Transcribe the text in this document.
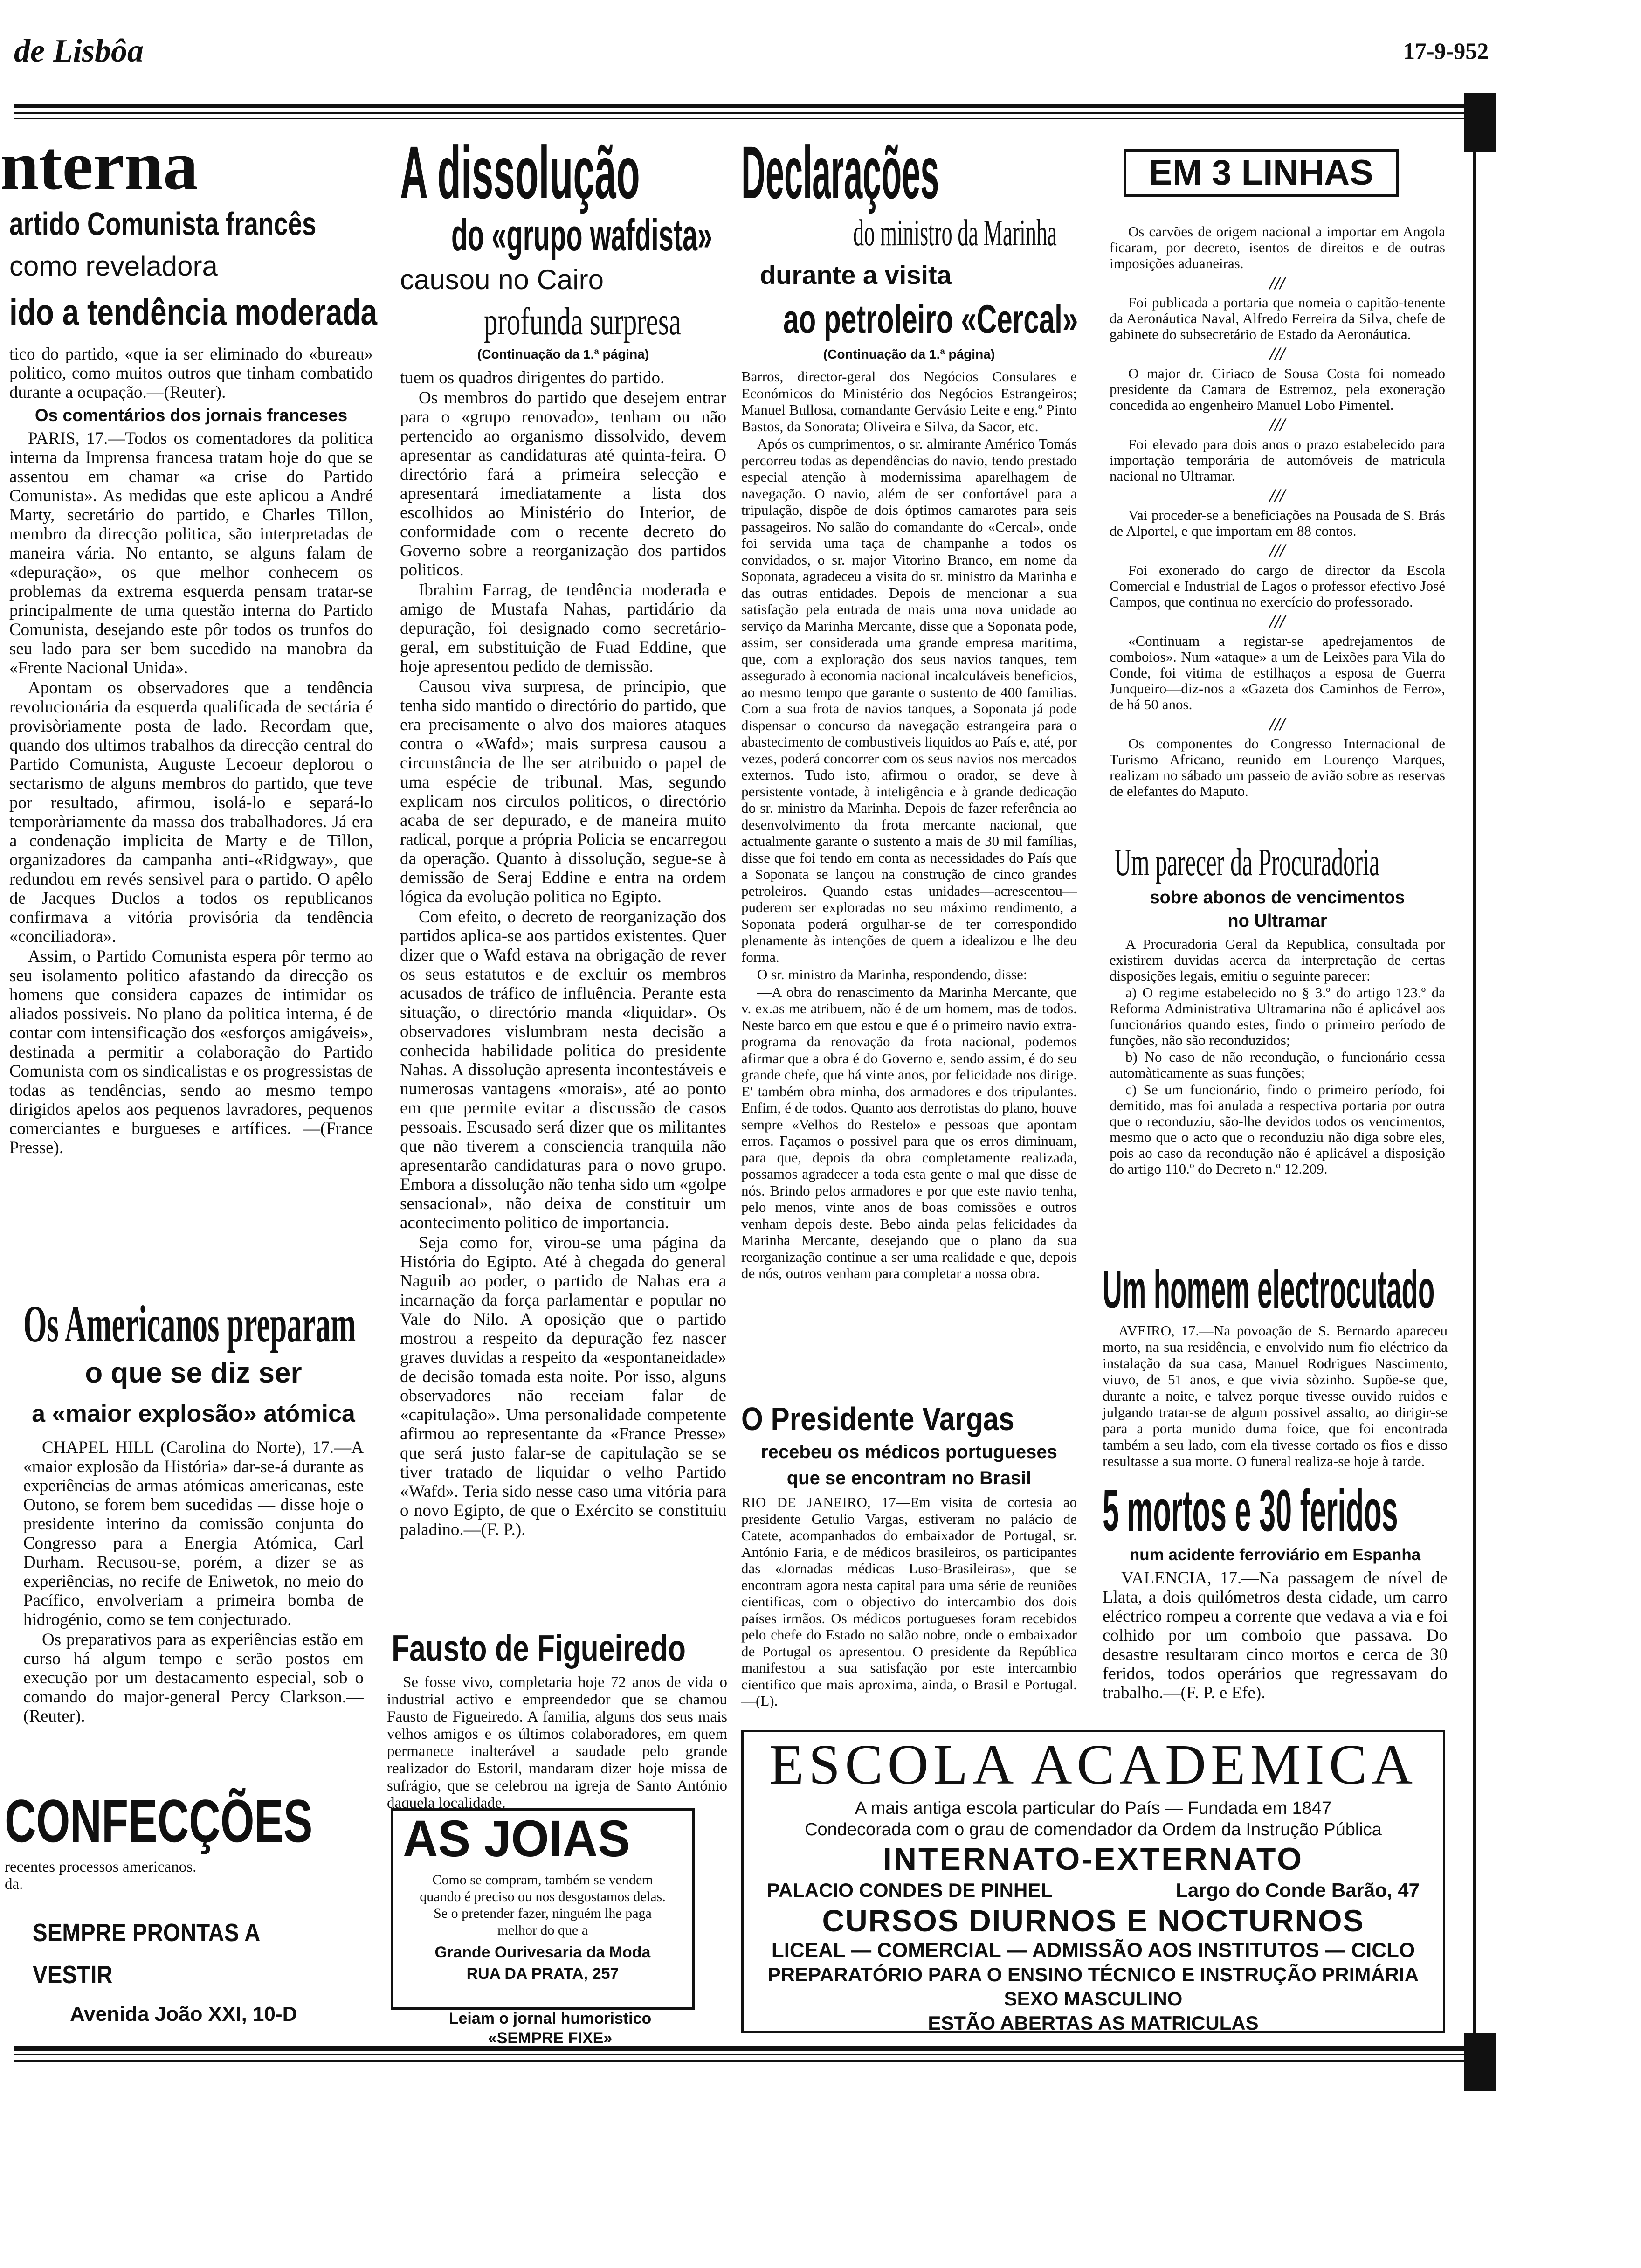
de Lisbôa	17-9-952
nterna
artido Comunista francês
como reveladora
ido a tendência moderada

tico do partido, «que ia ser eliminado do «bureau» politico, como muitos outros que tinham combatido durante a ocupação.—(Reuter).

Os comentários dos jornais franceses

PARIS, 17.—Todos os comentadores da politica interna da Imprensa francesa tratam hoje do que se assentou em chamar «a crise do Partido Comunista». As medidas que este aplicou a André Marty, secretário do partido, e Charles Tillon, membro da direcção politica, são interpretadas de maneira vária. No entanto, se alguns falam de «depuração», os que melhor conhecem os problemas da extrema esquerda pensam tratar-se principalmente de uma questão interna do Partido Comunista, desejando este pôr todos os trunfos do seu lado para ser bem sucedido na manobra da «Frente Nacional Unida».

Apontam os observadores que a tendência revolucionária da esquerda qualificada de sectária é provisòriamente posta de lado. Recordam que, quando dos ultimos trabalhos da direcção central do Partido Comunista, Auguste Lecoeur deplorou o sectarismo de alguns membros do partido, que teve por resultado, afirmou, isolá-lo e separá-lo temporàriamente da massa dos trabalhadores. Já era a condenação implicita de Marty e de Tillon, organizadores da campanha anti-«Ridgway», que redundou em revés sensivel para o partido. O apêlo de Jacques Duclos a todos os republicanos confirmava a vitória provisória da tendência «conciliadora».

Assim, o Partido Comunista espera pôr termo ao seu isolamento politico afastando da direcção os homens que considera capazes de intimidar os aliados possiveis. No plano da politica interna, é de contar com intensificação dos «esforços amigáveis», destinada a permitir a colaboração do Partido Comunista com os sindicalistas e os progressistas de todas as tendências, sendo ao mesmo tempo dirigidos apelos aos pequenos lavradores, pequenos comerciantes e burgueses e artífices. —(France Presse).

Os Americanos preparam
o que se diz ser
a «maior explosão» atómica

CHAPEL HILL (Carolina do Norte), 17.—A «maior explosão da História» dar-se-á durante as experiências de armas atómicas americanas, este Outono, se forem bem sucedidas — disse hoje o presidente interino da comissão conjunta do Congresso para a Energia Atómica, Carl Durham. Recusou-se, porém, a dizer se as experiências, no recife de Eniwetok, no meio do Pacífico, envolveriam a primeira bomba de hidrogénio, como se tem conjecturado.

Os preparativos para as experiências estão em curso há algum tempo e serão postos em execução por um destacamento especial, sob o comando do major-general Percy Clarkson.—(Reuter).

CONFECÇÕES
recentes processos americanos.
da.
SEMPRE PRONTAS A VESTIR
Avenida João XXI, 10-D
A dissolução
do «grupo wafdista»
causou no Cairo
profunda surpresa
(Continuação da 1.ª página)

tuem os quadros dirigentes do partido.

Os membros do partido que desejem entrar para o «grupo renovado», tenham ou não pertencido ao organismo dissolvido, devem apresentar as candidaturas até quinta-feira. O directório fará a primeira selecção e apresentará imediatamente a lista dos escolhidos ao Ministério do Interior, de conformidade com o recente decreto do Governo sobre a reorganização dos partidos politicos.

Ibrahim Farrag, de tendência moderada e amigo de Mustafa Nahas, partidário da depuração, foi designado como secretário-geral, em substituição de Fuad Eddine, que hoje apresentou pedido de demissão.

Causou viva surpresa, de principio, que tenha sido mantido o directório do partido, que era precisamente o alvo dos maiores ataques contra o «Wafd»; mais surpresa causou a circunstância de lhe ser atribuido o papel de uma espécie de tribunal. Mas, segundo explicam nos circulos politicos, o directório acaba de ser depurado, e de maneira muito radical, porque a própria Policia se encarregou da operação. Quanto à dissolução, segue-se à demissão de Seraj Eddine e entra na ordem lógica da evolução politica no Egipto.

Com efeito, o decreto de reorganização dos partidos aplica-se aos partidos existentes. Quer dizer que o Wafd estava na obrigação de rever os seus estatutos e de excluir os membros acusados de tráfico de influência. Perante esta situação, o directório manda «liquidar». Os observadores vislumbram nesta decisão a conhecida habilidade politica do presidente Nahas. A dissolução apresenta incontestáveis e numerosas vantagens «morais», até ao ponto em que permite evitar a discussão de casos pessoais. Escusado será dizer que os militantes que não tiverem a consciencia tranquila não apresentarão candidaturas para o novo grupo. Embora a dissolução não tenha sido um «golpe sensacional», não deixa de constituir um acontecimento politico de importancia.

Seja como for, virou-se uma página da História do Egipto. Até à chegada do general Naguib ao poder, o partido de Nahas era a incarnação da força parlamentar e popular no Vale do Nilo. A oposição que o partido mostrou a respeito da depuração fez nascer graves duvidas a respeito da «espontaneidade» de decisão tomada esta noite. Por isso, alguns observadores não receiam falar de «capitulação». Uma personalidade competente afirmou ao representante da «France Presse» que será justo falar-se de capitulação se se tiver tratado de liquidar o velho Partido «Wafd». Teria sido nesse caso uma vitória para o novo Egipto, de que o Exército se constituiu paladino.—(F. P.).

Fausto de Figueiredo

Se fosse vivo, completaria hoje 72 anos de vida o industrial activo e empreendedor que se chamou Fausto de Figueiredo. A familia, alguns dos seus mais velhos amigos e os últimos colaboradores, em quem permanece inalterável a saudade pelo grande realizador do Estoril, mandaram dizer hoje missa de sufrágio, que se celebrou na igreja de Santo António daquela localidade.

AS JOIAS
Como se compram, também se vendem quando é preciso ou nos desgostamos delas. Se o pretender fazer, ninguém lhe paga melhor do que a
Grande Ourivesaria da Moda
RUA DA PRATA, 257
Leiam o jornal humoristico
«SEMPRE FIXE»
Declarações
do ministro da Marinha
durante a visita
ao petroleiro «Cercal»
(Continuação da 1.ª página)

Barros, director-geral dos Negócios Consulares e Económicos do Ministério dos Negócios Estrangeiros; Manuel Bullosa, comandante Gervásio Leite e eng.º Pinto Bastos, da Sonorata; Oliveira e Silva, da Sacor, etc.

Após os cumprimentos, o sr. almirante Américo Tomás percorreu todas as dependências do navio, tendo prestado especial atenção à modernissima aparelhagem de navegação. O navio, além de ser confortável para a tripulação, dispõe de dois óptimos camarotes para seis passageiros. No salão do comandante do «Cercal», onde foi servida uma taça de champanhe a todos os convidados, o sr. major Vitorino Branco, em nome da Soponata, agradeceu a visita do sr. ministro da Marinha e das outras entidades. Depois de mencionar a sua satisfação pela entrada de mais uma nova unidade ao serviço da Marinha Mercante, disse que a Soponata pode, assim, ser considerada uma grande empresa maritima, que, com a exploração dos seus navios tanques, tem assegurado à economia nacional incalculáveis beneficios, ao mesmo tempo que garante o sustento de 400 familias. Com a sua frota de navios tanques, a Soponata já pode dispensar o concurso da navegação estrangeira para o abastecimento de combustiveis liquidos ao País e, até, por vezes, poderá concorrer com os seus navios nos mercados externos. Tudo isto, afirmou o orador, se deve à persistente vontade, à inteligência e à grande dedicação do sr. ministro da Marinha. Depois de fazer referência ao desenvolvimento da frota mercante nacional, que actualmente garante o sustento a mais de 30 mil famílias, disse que foi tendo em conta as necessidades do País que a Soponata se lançou na construção de cinco grandes petroleiros. Quando estas unidades—acrescentou—puderem ser exploradas no seu máximo rendimento, a Soponata poderá orgulhar-se de ter correspondido plenamente às intenções de quem a idealizou e lhe deu forma.

O sr. ministro da Marinha, respondendo, disse:

—A obra do renascimento da Marinha Mercante, que v. ex.as me atribuem, não é de um homem, mas de todos. Neste barco em que estou e que é o primeiro navio extra-programa da renovação da frota nacional, podemos afirmar que a obra é do Governo e, sendo assim, é do seu grande chefe, que há vinte anos, por felicidade nos dirige. E' também obra minha, dos armadores e dos tripulantes. Enfim, é de todos. Quanto aos derrotistas do plano, houve sempre «Velhos do Restelo» e pessoas que apontam erros. Façamos o possivel para que os erros diminuam, para que, depois da obra completamente realizada, possamos agradecer a toda esta gente o mal que disse de nós. Brindo pelos armadores e por que este navio tenha, pelo menos, vinte anos de boas comissões e outros venham depois deste. Bebo ainda pelas felicidades da Marinha Mercante, desejando que o plano da sua reorganização continue a ser uma realidade e que, depois de nós, outros venham para completar a nossa obra.

O Presidente Vargas
recebeu os médicos portugueses
que se encontram no Brasil

RIO DE JANEIRO, 17—Em visita de cortesia ao presidente Getulio Vargas, estiveram no palácio de Catete, acompanhados do embaixador de Portugal, sr. António Faria, e de médicos brasileiros, os participantes das «Jornadas médicas Luso-Brasileiras», que se encontram agora nesta capital para uma série de reuniões cientificas, com o objectivo do intercambio dos dois países irmãos. Os médicos portugueses foram recebidos pelo chefe do Estado no salão nobre, onde o embaixador de Portugal os apresentou. O presidente da República manifestou a sua satisfação por este intercambio cientifico que mais aproxima, ainda, o Brasil e Portugal.—(L).

EM 3 LINHAS
Os carvões de origem nacional a importar em Angola ficaram, por decreto, isentos de direitos e de outras imposições aduaneiras.
///
Foi publicada a portaria que nomeia o capitão-tenente da Aeronáutica Naval, Alfredo Ferreira da Silva, chefe de gabinete do subsecretário de Estado da Aeronáutica.
///
O major dr. Ciriaco de Sousa Costa foi nomeado presidente da Camara de Estremoz, pela exoneração concedida ao engenheiro Manuel Lobo Pimentel.
///
Foi elevado para dois anos o prazo estabelecido para importação temporária de automóveis de matricula nacional no Ultramar.
///
Vai proceder-se a beneficiações na Pousada de S. Brás de Alportel, e que importam em 88 contos.
///
Foi exonerado do cargo de director da Escola Comercial e Industrial de Lagos o professor efectivo José Campos, que continua no exercício do professorado.
///
«Continuam a registar-se apedrejamentos de comboios». Num «ataque» a um de Leixões para Vila do Conde, foi vitima de estilhaços a esposa de Guerra Junqueiro—diz-nos a «Gazeta dos Caminhos de Ferro», de há 50 anos.
///
Os componentes do Congresso Internacional de Turismo Africano, reunido em Lourenço Marques, realizam no sábado um passeio de avião sobre as reservas de elefantes do Maputo.
Um parecer da Procuradoria
sobre abonos de vencimentos
no Ultramar

A Procuradoria Geral da Republica, consultada por existirem duvidas acerca da interpretação de certas disposições legais, emitiu o seguinte parecer:

a) O regime estabelecido no § 3.º do artigo 123.º da Reforma Administrativa Ultramarina não é aplicável aos funcionários quando estes, findo o primeiro período de funções, não são reconduzidos;

b) No caso de não recondução, o funcionário cessa automàticamente as suas funções;

c) Se um funcionário, findo o primeiro período, foi demitido, mas foi anulada a respectiva portaria por outra que o reconduziu, são-lhe devidos todos os vencimentos, mesmo que o acto que o reconduziu não diga sobre eles, pois ao caso da recondução não é aplicável a disposição do artigo 110.º do Decreto n.º 12.209.

Um homem electrocutado

AVEIRO, 17.—Na povoação de S. Bernardo apareceu morto, na sua residência, e envolvido num fio eléctrico da instalação da sua casa, Manuel Rodrigues Nascimento, viuvo, de 51 anos, e que vivia sòzinho. Supõe-se que, durante a noite, e talvez porque tivesse ouvido ruidos e julgando tratar-se de algum possivel assalto, ao dirigir-se para a porta munido duma foice, que foi encontrada também a seu lado, com ela tivesse cortado os fios e disso resultasse a sua morte. O funeral realiza-se hoje à tarde.

5 mortos e 30 feridos
num acidente ferroviário em Espanha

VALENCIA, 17.—Na passagem de nível de Llata, a dois quilómetros desta cidade, um carro eléctrico rompeu a corrente que vedava a via e foi colhido por um comboio que passava. Do desastre resultaram cinco mortos e cerca de 30 feridos, todos operários que regressavam do trabalho.—(F. P. e Efe).

ESCOLA ACADEMICA
A mais antiga escola particular do País — Fundada em 1847
Condecorada com o grau de comendador da Ordem da Instrução Pública
INTERNATO-EXTERNATO
PALACIO CONDES DE PINHEL	Largo do Conde Barão, 47
CURSOS DIURNOS E NOCTURNOS
LICEAL — COMERCIAL — ADMISSÃO AOS INSTITUTOS — CICLO
PREPARATÓRIO PARA O ENSINO TÉCNICO E INSTRUÇÃO PRIMÁRIA
SEXO MASCULINO
ESTÃO ABERTAS AS MATRICULAS
